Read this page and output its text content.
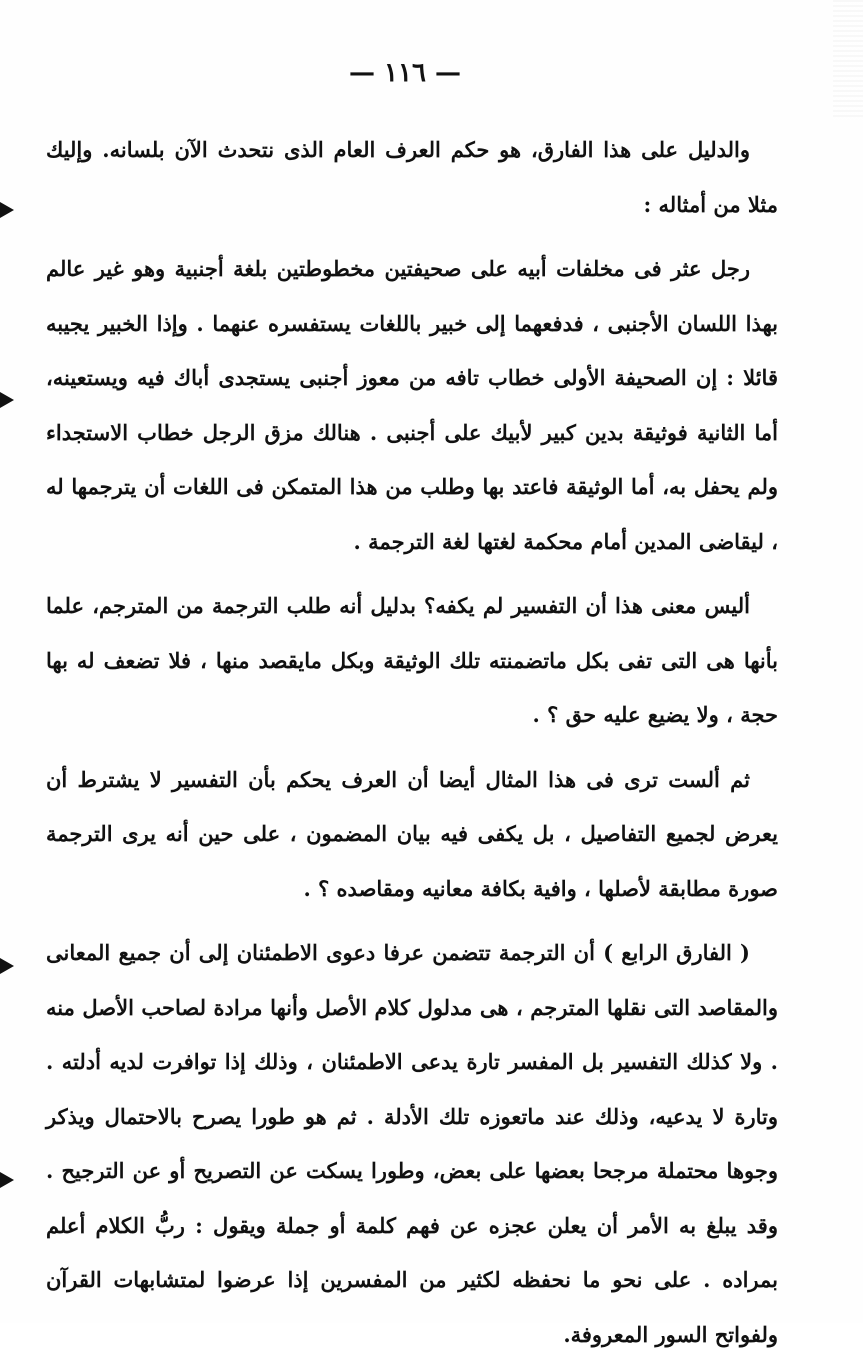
— ١١٦ —

والدليل على هذا الفارق، هو حكم العرف العام الذى نتحدث الآن بلسانه. وإليك مثلا من أمثاله :

رجل عثر فى مخلفات أبيه على صحيفتين مخطوطتين بلغة أجنبية وهو غير عالم بهذا اللسان الأجنبى ، فدفعهما إلى خبير باللغات يستفسره عنهما . وإذا الخبير يجيبه قائلا : إن الصحيفة الأولى خطاب تافه من معوز أجنبى يستجدى أباك فيه ويستعينه، أما الثانية فوثيقة بدين كبير لأبيك على أجنبى . هنالك مزق الرجل خطاب الاستجداء ولم يحفل به، أما الوثيقة فاعتد بها وطلب من هذا المتمكن فى اللغات أن يترجمها له ، ليقاضى المدين أمام محكمة لغتها لغة الترجمة .

أليس معنى هذا أن التفسير لم يكفه؟ بدليل أنه طلب الترجمة من المترجم، علما بأنها هى التى تفى بكل ماتضمنته تلك الوثيقة وبكل مايقصد منها ، فلا تضعف له بها حجة ، ولا يضيع عليه حق ؟ .

ثم ألست ترى فى هذا المثال أيضا أن العرف يحكم بأن التفسير لا يشترط أن يعرض لجميع التفاصيل ، بل يكفى فيه بيان المضمون ، على حين أنه يرى الترجمة صورة مطابقة لأصلها ، وافية بكافة معانيه ومقاصده ؟ .

( الفارق الرابع ) أن الترجمة تتضمن عرفا دعوى الاطمئنان إلى أن جميع المعانى والمقاصد التى نقلها المترجم ، هى مدلول كلام الأصل وأنها مرادة لصاحب الأصل منه . ولا كذلك التفسير بل المفسر تارة يدعى الاطمئنان ، وذلك إذا توافرت لديه أدلته . وتارة لا يدعيه، وذلك عند ماتعوزه تلك الأدلة . ثم هو طورا يصرح بالاحتمال ويذكر وجوها محتملة مرجحا بعضها على بعض، وطورا يسكت عن التصريح أو عن الترجيح . وقد يبلغ به الأمر أن يعلن عجزه عن فهم كلمة أو جملة ويقول : ربُّ الكلام أعلم بمراده . على نحو ما نحفظه لكثير من المفسرين إذا عرضوا لمتشابهات القرآن ولفواتح السور المعروفة.
